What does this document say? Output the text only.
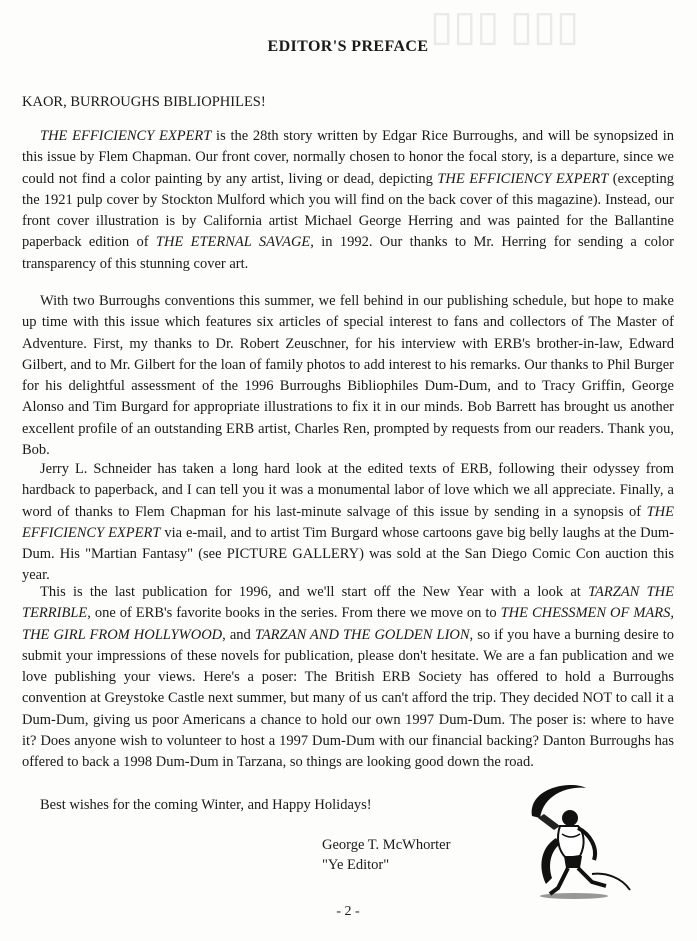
▯▯▯ ▯▯▯
EDITOR'S PREFACE
KAOR, BURROUGHS BIBLIOPHILES!

THE EFFICIENCY EXPERT is the 28th story written by Edgar Rice Burroughs, and will be synopsized in this issue by Flem Chapman. Our front cover, normally chosen to honor the focal story, is a departure, since we could not find a color painting by any artist, living or dead, depicting THE EFFICIENCY EXPERT (excepting the 1921 pulp cover by Stockton Mulford which you will find on the back cover of this magazine). Instead, our front cover illustration is by California artist Michael George Herring and was painted for the Ballantine paperback edition of THE ETERNAL SAVAGE, in 1992. Our thanks to Mr. Herring for sending a color transparency of this stunning cover art.

With two Burroughs conventions this summer, we fell behind in our publishing schedule, but hope to make up time with this issue which features six articles of special interest to fans and collectors of The Master of Adventure. First, my thanks to Dr. Robert Zeuschner, for his interview with ERB's brother-in-law, Edward Gilbert, and to Mr. Gilbert for the loan of family photos to add interest to his remarks. Our thanks to Phil Burger for his delightful assessment of the 1996 Burroughs Bibliophiles Dum-Dum, and to Tracy Griffin, George Alonso and Tim Burgard for appropriate illustrations to fix it in our minds. Bob Barrett has brought us another excellent profile of an outstanding ERB artist, Charles Ren, prompted by requests from our readers. Thank you, Bob.

Jerry L. Schneider has taken a long hard look at the edited texts of ERB, following their odyssey from hardback to paperback, and I can tell you it was a monumental labor of love which we all appreciate. Finally, a word of thanks to Flem Chapman for his last-minute salvage of this issue by sending in a synopsis of THE EFFICIENCY EXPERT via e-mail, and to artist Tim Burgard whose cartoons gave big belly laughs at the Dum-Dum. His "Martian Fantasy" (see PICTURE GALLERY) was sold at the San Diego Comic Con auction this year.

This is the last publication for 1996, and we'll start off the New Year with a look at TARZAN THE TERRIBLE, one of ERB's favorite books in the series. From there we move on to THE CHESSMEN OF MARS, THE GIRL FROM HOLLYWOOD, and TARZAN AND THE GOLDEN LION, so if you have a burning desire to submit your impressions of these novels for publication, please don't hesitate. We are a fan publication and we love publishing your views. Here's a poser: The British ERB Society has offered to hold a Burroughs convention at Greystoke Castle next summer, but many of us can't afford the trip. They decided NOT to call it a Dum-Dum, giving us poor Americans a chance to hold our own 1997 Dum-Dum. The poser is: where to have it? Does anyone wish to volunteer to host a 1997 Dum-Dum with our financial backing? Danton Burroughs has offered to back a 1998 Dum-Dum in Tarzana, so things are looking good down the road.

Best wishes for the coming Winter, and Happy Holidays!
George T. McWhorter
"Ye Editor"
- 2 -
